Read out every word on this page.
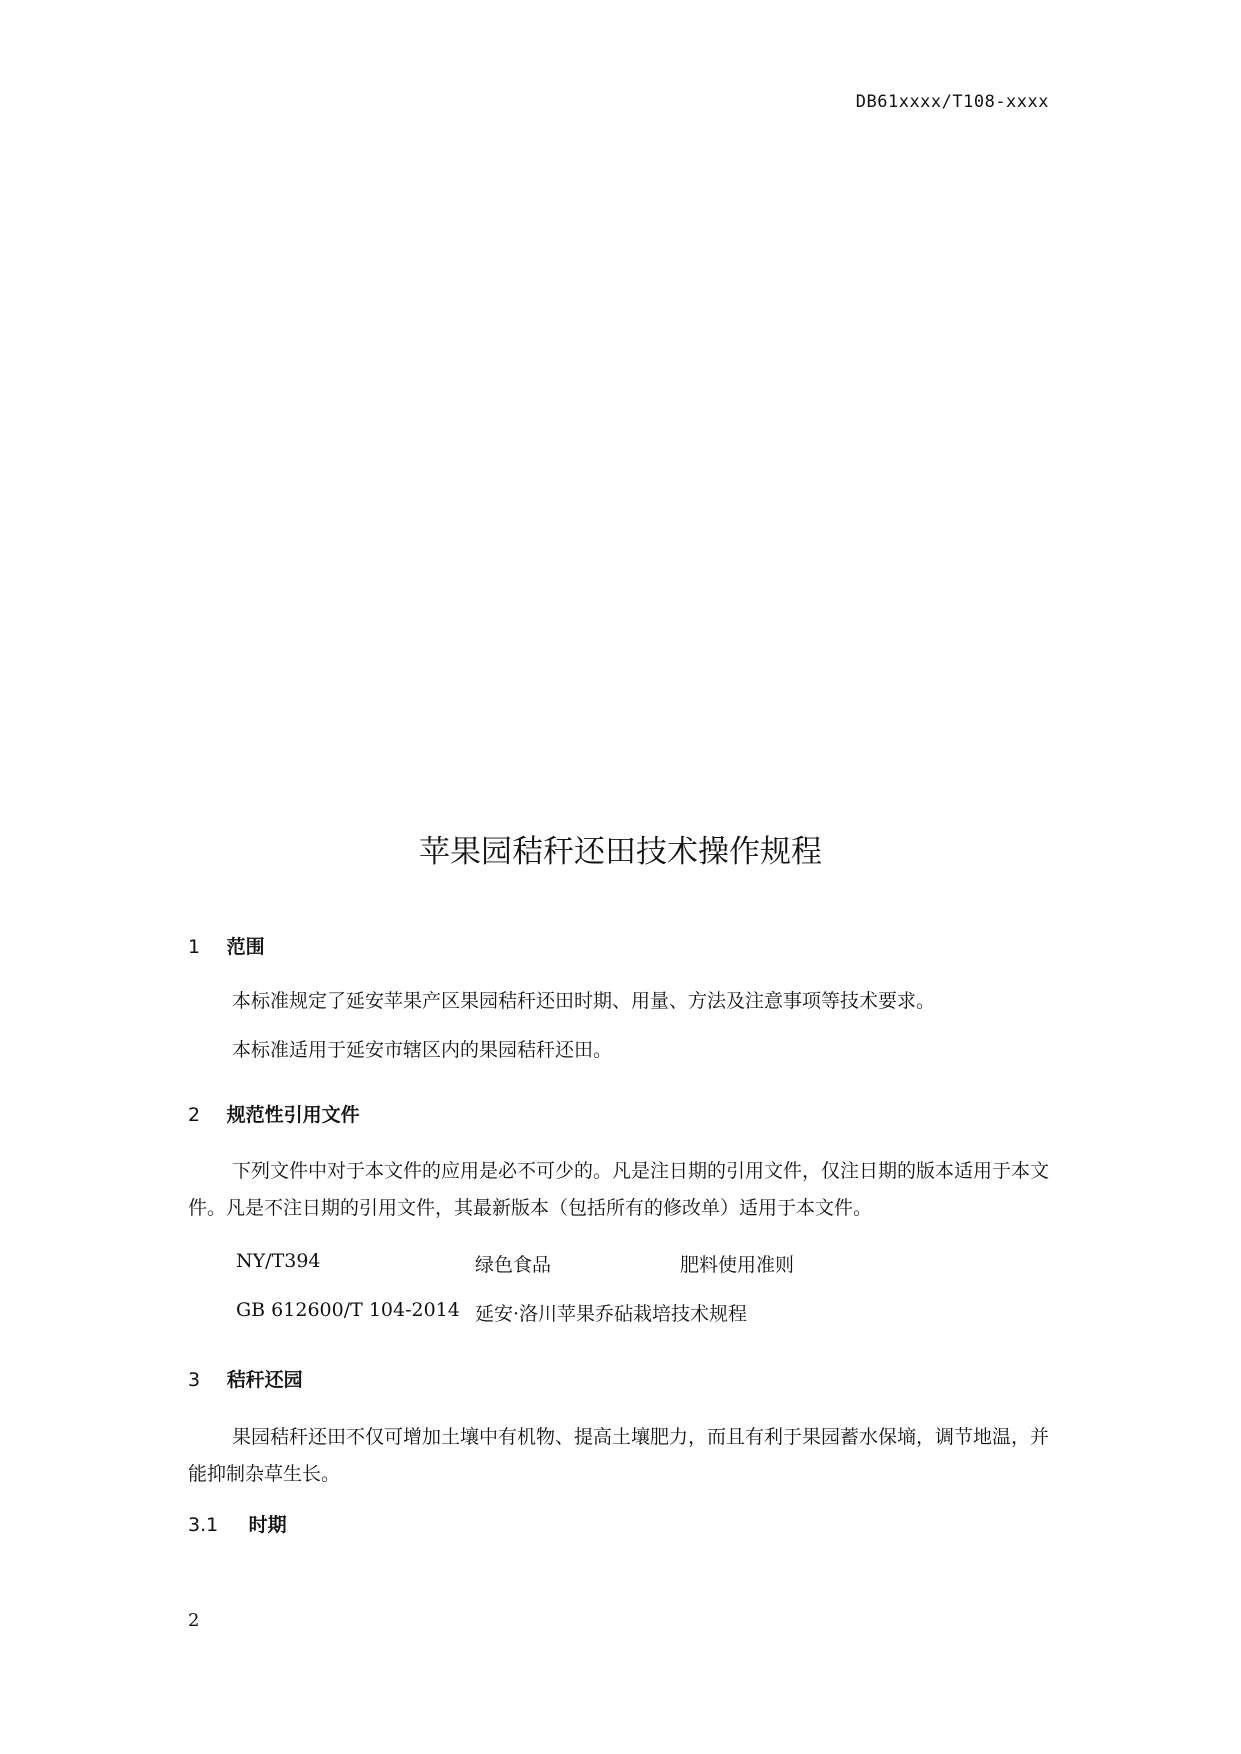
DB61xxxx/T108-xxxx
苹果园秸秆还田技术操作规程
1 范围
本标准规定了延安苹果产区果园秸秆还田时期、用量、方法及注意事项等技术要求。
本标准适用于延安市辖区内的果园秸秆还田。
2 规范性引用文件
下列文件中对于本文件的应用是必不可少的。凡是注日期的引用文件，仅注日期的版本适用于本文件。凡是不注日期的引用文件，其最新版本（包括所有的修改单）适用于本文件。
NY/T394	绿色食品	肥料使用准则
GB 612600/T 104-2014 延安·洛川苹果乔砧栽培技术规程
3 秸秆还园
果园秸秆还田不仅可增加土壤中有机物、提高土壤肥力，而且有利于果园蓄水保墒，调节地温，并能抑制杂草生长。
3.1 时期
2
